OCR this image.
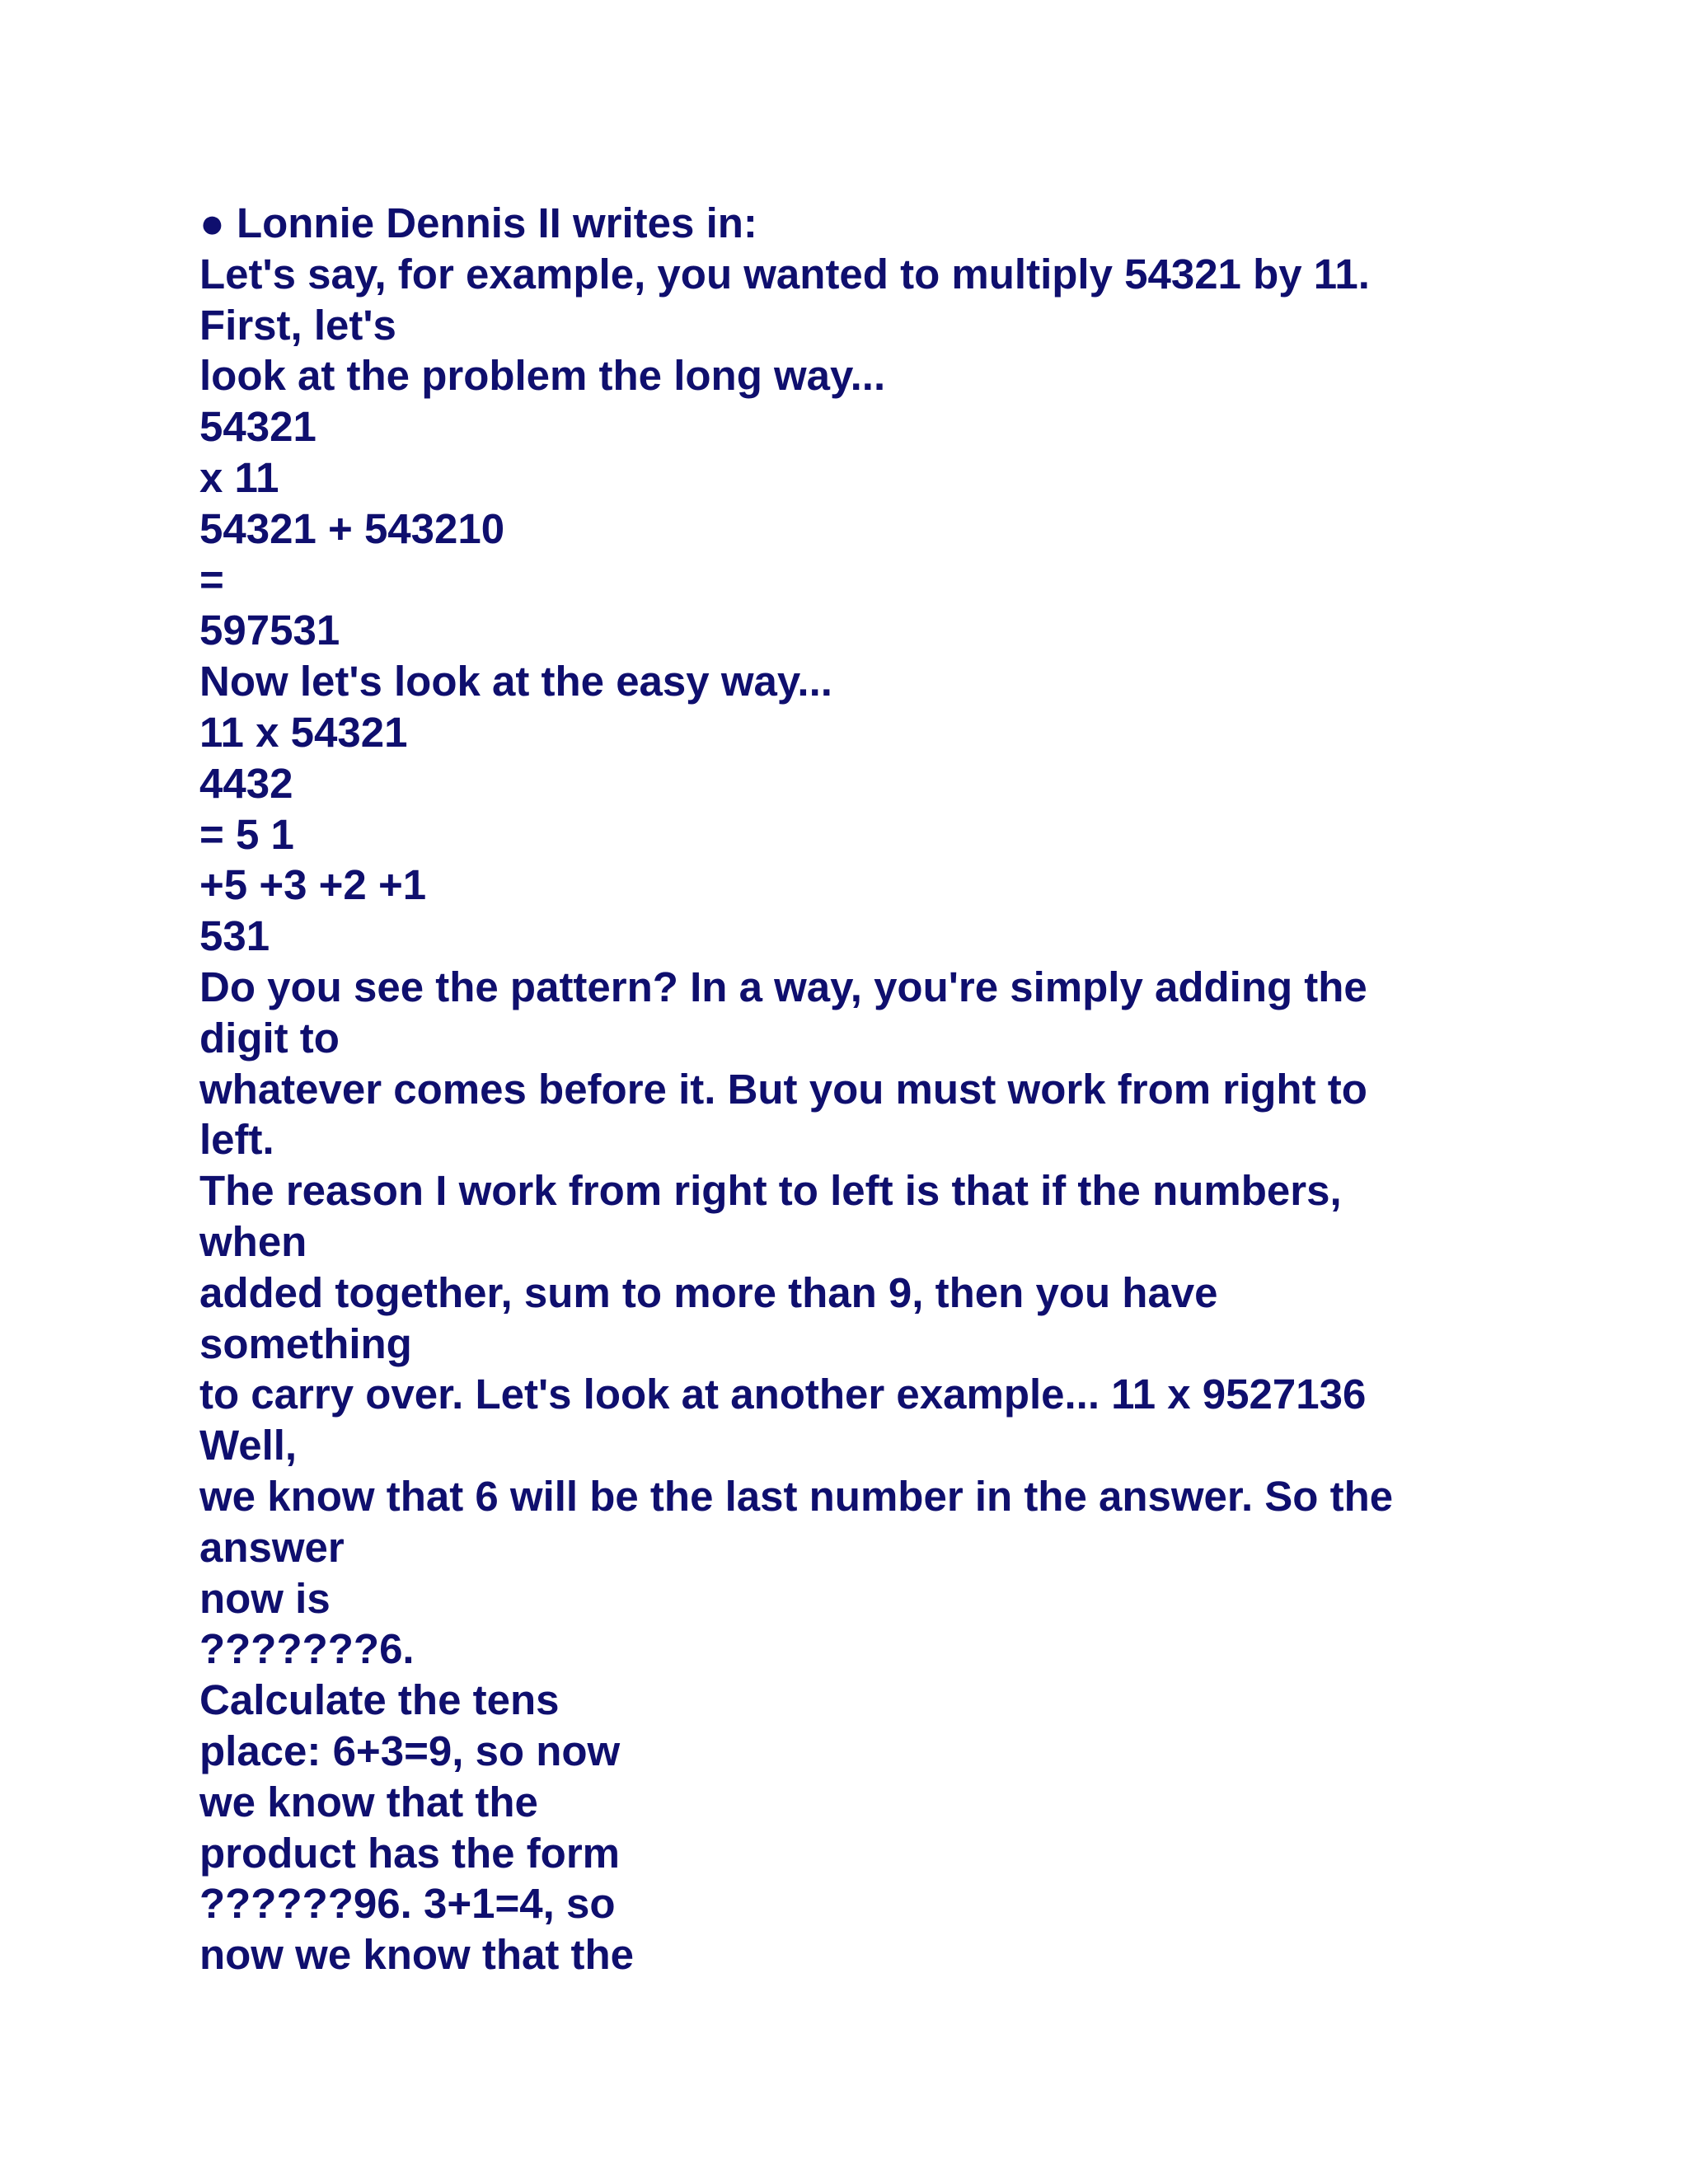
● Lonnie Dennis II writes in:
Let's say, for example, you wanted to multiply 54321 by 11.
First, let's
look at the problem the long way...
54321
x 11
54321 + 543210
=
597531
Now let's look at the easy way...
11 x 54321
4432
= 5 1
+5 +3 +2 +1
531
Do you see the pattern? In a way, you're simply adding the
digit to
whatever comes before it. But you must work from right to
left.
The reason I work from right to left is that if the numbers,
when
added together, sum to more than 9, then you have
something
to carry over. Let's look at another example... 11 x 9527136
Well,
we know that 6 will be the last number in the answer. So the
answer
now is
???????6.
Calculate the tens
place: 6+3=9, so now
we know that the
product has the form
??????96. 3+1=4, so
now we know that the
